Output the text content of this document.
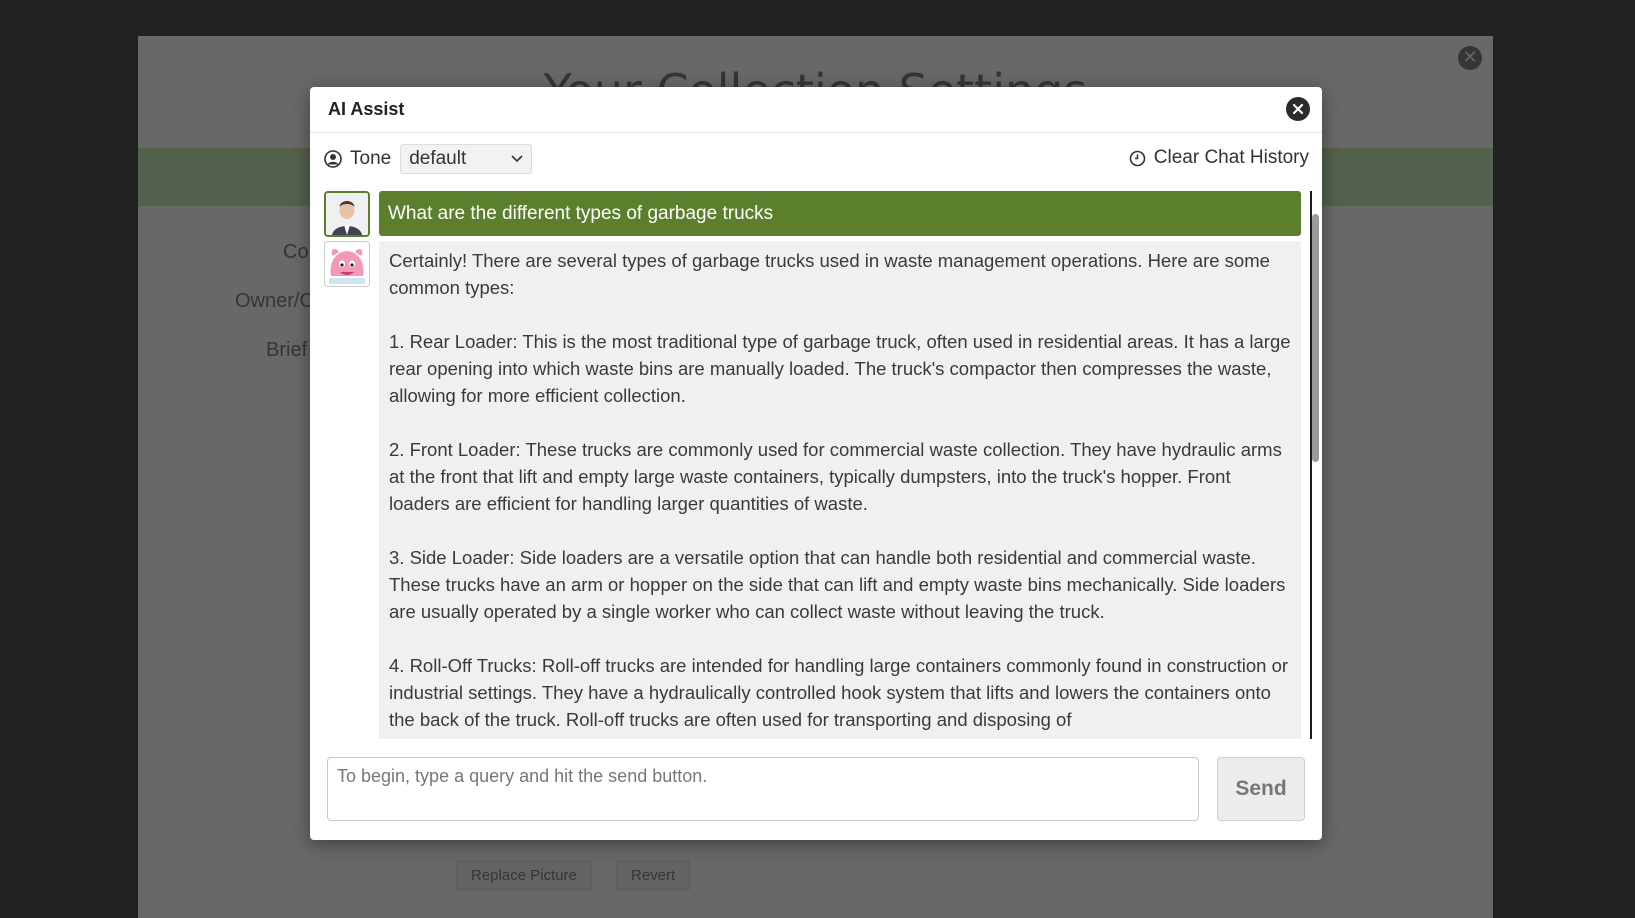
AI Assist
Tone default	Clear Chat History
What are the different types of garbage trucks

Certainly! There are several types of garbage trucks used in waste management operations. Here are some common types:

1. Rear Loader: This is the most traditional type of garbage truck, often used in residential areas. It has a large rear opening into which waste bins are manually loaded. The truck's compactor then compresses the waste, allowing for more efficient collection.

2. Front Loader: These trucks are commonly used for commercial waste collection. They have hydraulic arms at the front that lift and empty large waste containers, typically dumpsters, into the truck's hopper. Front loaders are efficient for handling larger quantities of waste.

3. Side Loader: Side loaders are a versatile option that can handle both residential and commercial waste. These trucks have an arm or hopper on the side that can lift and empty waste bins mechanically. Side loaders are usually operated by a single worker who can collect waste without leaving the truck.

4. Roll-Off Trucks: Roll-off trucks are intended for handling large containers commonly found in construction or industrial settings. They have a hydraulically controlled hook system that lifts and lowers the containers onto the back of the truck. Roll-off trucks are often used for transporting and disposing of

To begin, type a query and hit the send button.
Send
